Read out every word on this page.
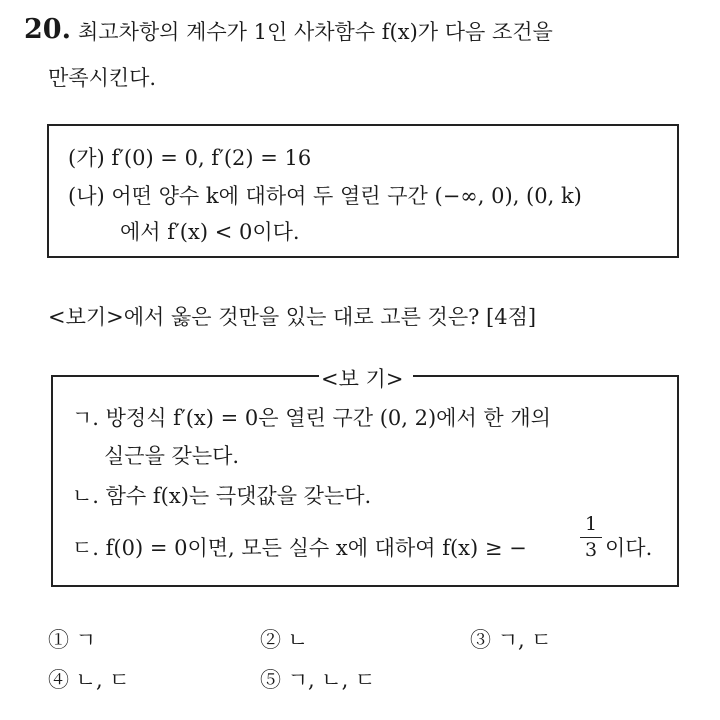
20. 최고차항의 계수가 1인 사차함수 f(x)가 다음 조건을
만족시킨다.
(가) f′(0) = 0, f′(2) = 16
(나) 어떤 양수 k에 대하여 두 열린 구간 (−∞, 0), (0, k)
에서 f′(x) < 0이다.
<보기>에서 옳은 것만을 있는 대로 고른 것은? [4점]
<보 기>
ㄱ. 방정식 f′(x) = 0은 열린 구간 (0, 2)에서 한 개의
실근을 갖는다.
ㄴ. 함수 f(x)는 극댓값을 갖는다.
ㄷ. f(0) = 0이면, 모든 실수 x에 대하여 f(x) ≥ −
1
3 이다.
① ㄱ	② ㄴ	③ ㄱ, ㄷ
④ ㄴ, ㄷ	⑤ ㄱ, ㄴ, ㄷ
